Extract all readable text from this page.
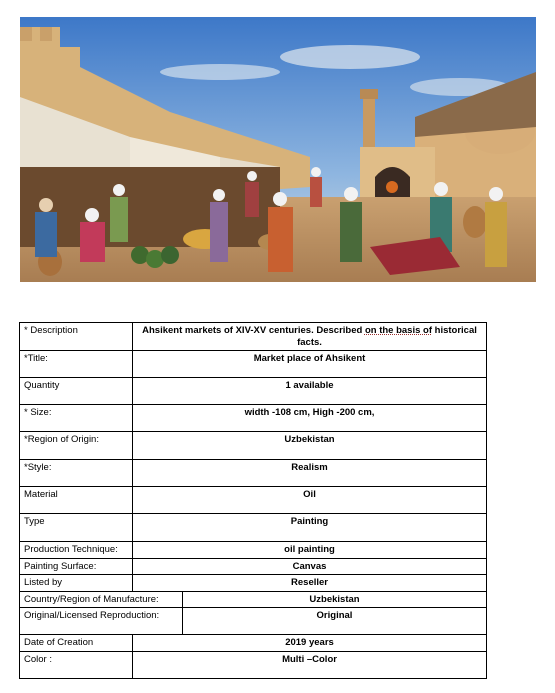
* Description	Ahsikent markets of XIV-XV centuries. Described on the basis of historical facts.	
*Title:	Market place of Ahsikent	
Quantity	1 available	
* Size:	width -108 cm, High -200 cm,	
*Region of Origin:	Uzbekistan	
*Style:	Realism	
Material	Oil	
Type	Painting	
Production Technique:	oil painting	
Painting Surface:	Canvas	
Listed by	Reseller	
Country/Region of Manufacture:		Uzbekistan
Original/Licensed Reproduction:		Original
Date of Creation	2019 years	
Color :	Multi –Color	
